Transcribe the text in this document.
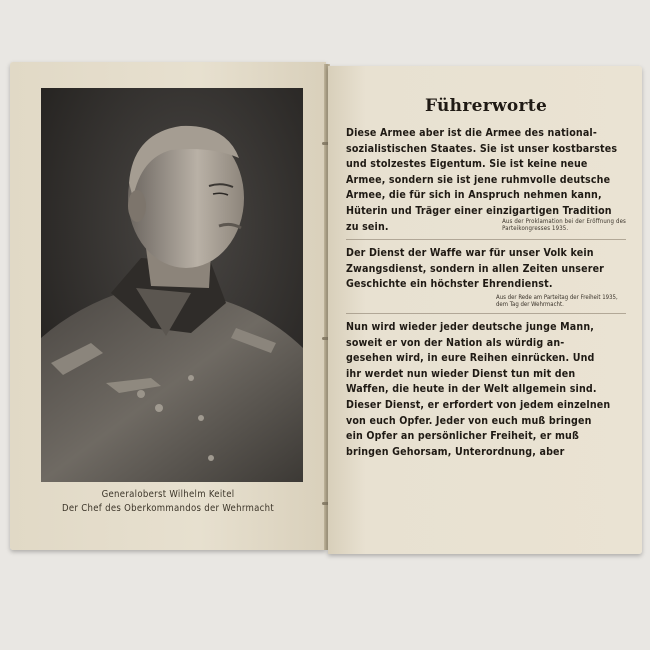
Generaloberst Wilhelm Keitel
Der Chef des Oberkommandos der Wehrmacht
Führerworte
Diese Armee aber ist die Armee des national-
sozialistischen Staates. Sie ist unser kostbarstes
und stolzestes Eigentum. Sie ist keine neue
Armee, sondern sie ist jene ruhmvolle deutsche
Armee, die für sich in Anspruch nehmen kann,
Hüterin und Träger einer einzigartigen Tradition
zu sein.	Aus der Proklamation bei der Eröffnung des
Parteikongresses 1935.
Der Dienst der Waffe war für unser Volk kein
Zwangsdienst, sondern in allen Zeiten unserer
Geschichte ein höchster Ehrendienst.
Aus der Rede am Parteitag der Freiheit 1935,
dem Tag der Wehrmacht.
Nun wird wieder jeder deutsche junge Mann,
soweit er von der Nation als würdig an-
gesehen wird, in eure Reihen einrücken. Und
ihr werdet nun wieder Dienst tun mit den
Waffen, die heute in der Welt allgemein sind.
Dieser Dienst, er erfordert von jedem einzelnen
von euch Opfer. Jeder von euch muß bringen
ein Opfer an persönlicher Freiheit, er muß
bringen Gehorsam, Unterordnung, aber
